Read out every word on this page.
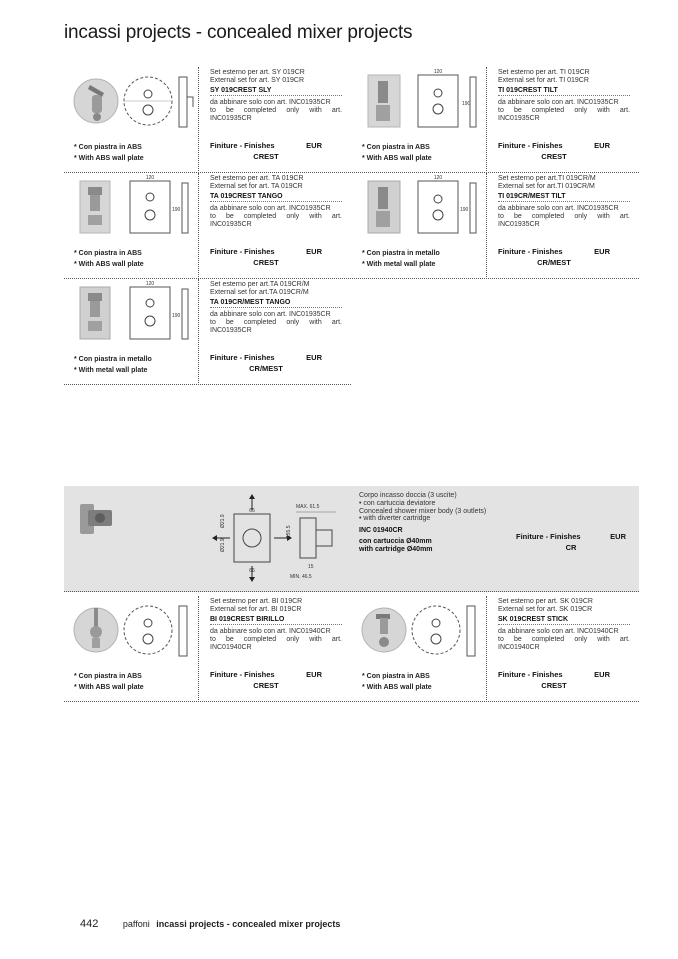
incassi projects - concealed mixer projects
* Con piastra in ABS
* With ABS wall plate
Set esterno per art. SY 019CR
External set for art. SY 019CR
SY 019CREST SLY
da abbinare solo con art. INC01935CR
to be completed only with art. INC01935CR
Finiture - Finishes	EUR
CREST
120
190
* Con piastra in ABS
* With ABS wall plate
Set esterno per art. TI 019CR
External set for art. TI 019CR
TI 019CREST TILT
da abbinare solo con art. INC01935CR
to be completed only with art. INC01935CR
Finiture - Finishes	EUR
CREST
120
190
* Con piastra in ABS
* With ABS wall plate
Set esterno per art. TA 019CR
External set for art. TA 019CR
TA 019CREST TANGO
da abbinare solo con art. INC01935CR
to be completed only with art. INC01935CR
Finiture - Finishes	EUR
CREST
120
190
* Con piastra in metallo
* With metal wall plate
Set esterno per art.TI 019CR/M
External set for art.TI 019CR/M
TI 019CR/MEST TILT
da abbinare solo con art. INC01935CR
to be completed only with art. INC01935CR
Finiture - Finishes	EUR
CR/MEST
120
190
* Con piastra in metallo
* With metal wall plate
Set esterno per art.TA 019CR/M
External set for art.TA 019CR/M
TA 019CR/MEST TANGO
da abbinare solo con art. INC01935CR
to be completed only with art. INC01935CR
Finiture - Finishes	EUR
CR/MEST
66
66
Ø21.9
Ø21.9
MAX. 61.5
155.5
15
MIN. 46.5
Corpo incasso doccia (3 uscite)
• con cartuccia deviatore
Concealed shower mixer body (3 outlets)
• with diverter cartridge
INC 01940CR
con cartuccia Ø40mm
with cartridge Ø40mm
Finiture - Finishes	EUR
CR
* Con piastra in ABS
* With ABS wall plate
Set esterno per art. BI 019CR
External set for art. BI 019CR
BI 019CREST BIRILLO
da abbinare solo con art. INC01940CR
to be completed only with art. INC01940CR
Finiture - Finishes	EUR
CREST
* Con piastra in ABS
* With ABS wall plate
Set esterno per art. SK 019CR
External set for art. SK 019CR
SK 019CREST STICK
da abbinare solo con art. INC01940CR
to be completed only with art. INC01940CR
Finiture - Finishes	EUR
CREST
442	paffoni incassi projects - concealed mixer projects
